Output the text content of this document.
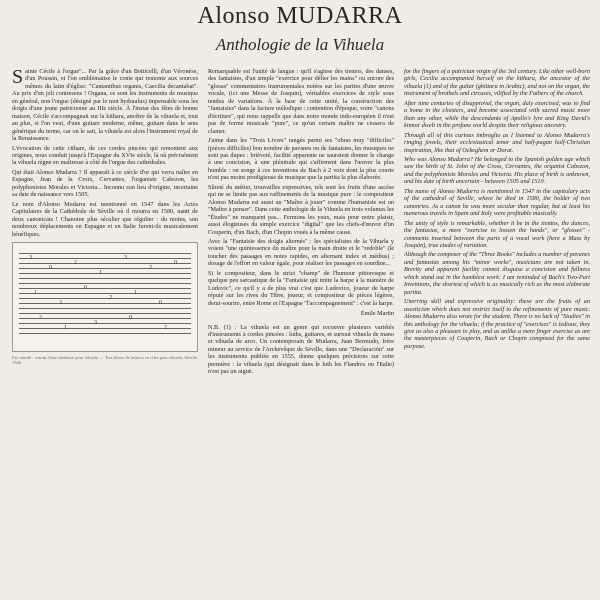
Alonso MUDARRA
Anthologie de la Vihuela

Sainte Cécile à l'orgue"... Par la grâce d'un Botticelli, d'un Véronèse, d'un Poussin, et l'on emblématise le conte qui remonte aux sources mêmes du latin d'église: "Cantantibus organis, Caecilia decantabat". Au prix d'un joli contresens ! Organa, ce sont les instruments de musique en général, non l'orgue (désigné par le mot hydraulus) impensable sous les doigts d'une jeune patricienne au IIIe siècle. À l'instar des fêtes de bonne maison, Cécile s'accompagnait sur la kithara, ancêtre de la vihuela et, tout au plus, si l'on veut, d'une guitare moderne, même, guitare dans le sens générique du terme, car on le sait, la vihuela est alors l'instrument royal de la Renaissance.

L'évocation de cette cithare, de ces cordes pincées qui remontent aux origines, nous conduit jusqu'à l'Espagne du XVIe siècle, là où précisément la vihuela règne en maîtresse à côté de l'orgue des cathédrales.

Qui était Alonso Mudarra ? Il apparaît à ce siècle d'or qui verra naître en Espagne, Jean de la Croix, Cervantes, l'organiste Cabezon, les polyphonistes Morales et Victoria... Inconnu son lieu d'origine, incertaine sa date de naissance vers 1505.

Le nom d'Alonso Mudarra est mentionné en 1547 dans les Actes Capitulaires de la Cathédrale de Séville où il mourra en 1580, nanti de deux canonicats ! Chanoine plus séculier que régulier : du moins, son nombreux déplacements en Espagne et en Italie furent-ils musicalement bénéfiques.

3
0
2
1
3
2
0
1
3
0
2
1
0
2
1
3
0
2
Fac-similé : extrait d'une tablature pour vihuela — Tres libros de música en cifra para vihuela, Séville, 1546

Remarquable est l'unité de langue : qu'il s'agisse des tientos, des danses, des fantaisies, d'un simple "exercice pour délier les mains" ou encore des "glosas" commentaires instrumentales notées sur les parties d'une œuvre vocale, (ici une Messe de Josquin), véritables exercices de style sous tendus de variations. À la base de cette unité, la construction des "fantaisies" dans la facture mélodique : contention d'époque, voire "canons d'écriture", qui nous rappelle que dans notre monde indo-européen il n'est pas de forme musicale "pure", ce qu'un certain maître ne cessera de clamer.

J'aime dans les "Trois Livres" rangés parmi ses "obras muy "difficiles" (pièces difficiles) bon nombre de pavanes ou de fantaisies, les musiques ne sont pas dupes : brièveté, facilité apparente ne sauraient donner le change à une concision, à une plénitude qui s'affirment dans l'œuvre la plus humble : on songe à ces inventions de Bach à 2 voix dont la plus courte n'est pas moins prodigieuse de musique que la partita la plus élaborée.

Sûreté du métier, trouvailles expressives, tels sont les fruits d'une ascèse qui ne se limite pas aux raffinements de la musique pure : le compositeur Alonso Mudarra est aussi un "Maître à jouer" comme l'humaniste est un "Maître à penser". Dans cette anthologie de la Vihuela en trois volumes les "Études" ne manquent pas... Fermons les yeux, mais pour notre plaisir, aussi élogieuses du simple exercice "digital" que les chefs-d'œuvre d'un Couperin, d'un Bach, d'un Chopin voués à la même cause.

Avec la "Fantaisie des doigts alternés" : les spécialistes de la Vihuela y voient "une quintessence du maître pour la main droite et le "redoble" (le toucher des passages en notes rapides, en alternant index et médius) ; dosage de l'effort en valeur égale, pour réaliser les passages en sourdine...

Si le compositeur, dans le strict "champ" de l'humour pittoresque et quelque peu sarcastique de la "Fantaisie qui imite la harpe à la manière de Ludovic", ce qu'il y a de plus vrai c'est que Ludovico, joueur de harpe réputé sur les rives du Tibre, joueur, et compositeur de pièces légères, demi-sourire, entre Rome et l'Espagne "l'accompagnement" : c'est la harpe.

Émile Martin

N.B. (1) : La vihuela est un genre qui recouvre plusieurs variétés d'instruments à cordes pincées : luths, guitares, et surtout vihuela de mano et vihuela de arco. Un contemporain de Mudarra, Juan Bermudo, frère mineur au service de l'Archevêque de Séville, dans une "Declaración" sur les instruments publiée en 1555, donne quelques précisions sur cette première : la vihuela (qui désignait dans le luth les Flandres ou l'Italie) n'est pas un aiguë.

for the fingers of a patrician virgin of the 3rd century. Like other well-born girls, Cecilia accompanied herself on the kithara, the ancestor of the vihuela (1) and of the guitar (ghittara in Arabic), and not on the organ, the instrument of brothels and circuses, vilified by the Fathers of the church.

After nine centuries of disapproval, the organ, duly exorcised, was to find a home in the cloisters, and become associated with sacred music more than any other, while the descendants of Apollo's lyre and King David's kinnor dwelt in the profane world despite their religious ancestry.

Through all of this curious imbroglio as I listened to Alonso Mudarra's ringing jewels, their ecclesiastical tenor and half-pagan half-Christian inspiration, like that of Ockeghem or Dorat.

Who was Alonso Mudarra? He belonged to the Spanish golden age which saw the birth of St. John of the Cross, Cervantes, the organist Cabezon, and the polyphonists Morales and Victoria. His place of birth is unknown, and his date of birth uncertain - between 1505 and 1510.

The name of Alonso Mudarra is mentioned in 1547 in the capitulary acts of the cathedral of Seville, where he died in 1580, the holder of two canonries. As a canon he was more secular than regular, but at least his numerous travels in Spain and Italy were profitable musically.

The unity of style is remarkable, whether it be in the tientos, the dances, the fantasias, a mere "exercise to loosen the hands", or "glosses" - comments inserted between the parts of a vocal work (here a Mass by Josquin), true etudes of variation.

Although the composer of the "Three Books" includes a number of pavanes and fantasias among his "minor works", musicians are not taken in. Brevity and apparent facility cannot disguise a concision and fullness which stand out in the humblest work: I am reminded of Bach's Two-Part Inventions, the shortest of which is as musically rich as the most elaborate partita.

Unerring skill and expressive originality: these are the fruits of an asceticism which does not restrict itself to the refinements of pure music. Alonso Mudarra also wrote for the student. There is no lack of "Studies" in this anthology for the vihuela; if the practice of "exercises" is tedious, they give us also a pleasure to play, and as unlike a mere finger exercise as are the masterpieces of Couperin, Bach or Chopin composed for the same purpose.
